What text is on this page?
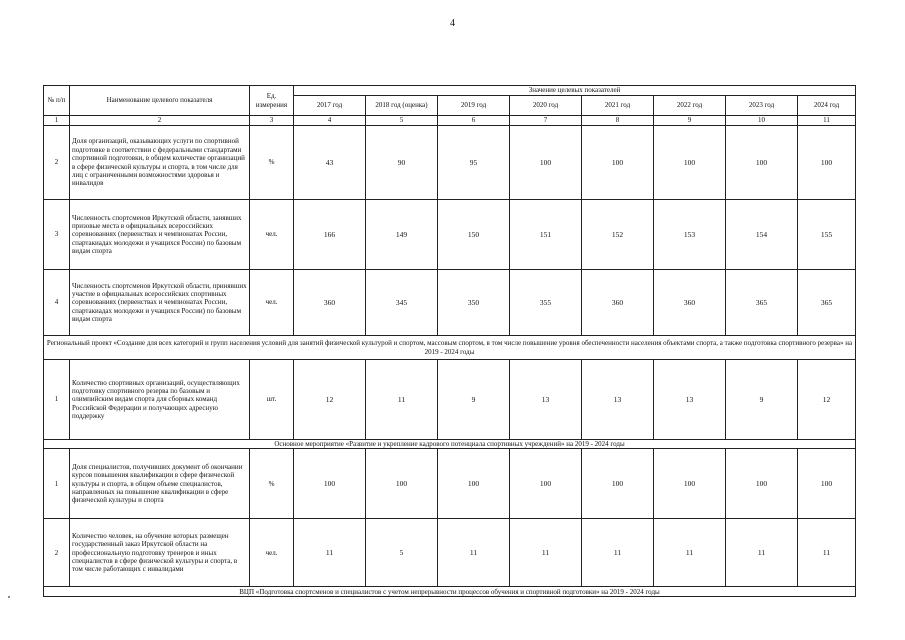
4
№ п/п	Наименование целевого показателя	Ед. измерения	Значение целевых показателей							
			2017 год	2018 год (оценка)	2019 год	2020 год	2021 год	2022 год	2023 год	2024 год
1	2	3	4	5	6	7	8	9	10	11
2	Доля организаций, оказывающих услуги по спортивной подготовке в соответствии с федеральными стандартами спортивной подготовки, в общем количестве организаций в сфере физической культуры и спорта, в том числе для лиц с ограниченными возможностями здоровья и инвалидов	%	43	90	95	100	100	100	100	100
3	Численность спортсменов Иркутской области, занявших призовые места в официальных всероссийских соревнованиях (первенствах и чемпионатах России, спартакиадах молодежи и учащихся России) по базовым видам спорта	чел.	166	149	150	151	152	153	154	155
4	Численность спортсменов Иркутской области, принявших участие в официальных всероссийских спортивных соревнованиях (первенствах и чемпионатах России, спартакиадах молодежи и учащихся России) по базовым видам спорта	чел.	360	345	350	355	360	360	365	365
Региональный проект «Создание для всех категорий и групп населения условий для занятий физической культурой и спортом, массовым спортом, в том числе повышение уровня обеспеченности населения объектами спорта, а также подготовка спортивного резерва» на 2019 - 2024 годы										
1	Количество спортивных организаций, осуществляющих подготовку спортивного резерва по базовым и олимпийским видам спорта для сборных команд Российской Федерации и получающих адресную поддержку	шт.	12	11	9	13	13	13	9	12
Основное мероприятие «Развитие и укрепление кадрового потенциала спортивных учреждений» на 2019 - 2024 годы										
1	Доля специалистов, получивших документ об окончании курсов повышения квалификации в сфере физической культуры и спорта, в общем объеме специалистов, направленных на повышение квалификации в сфере физической культуры и спорта	%	100	100	100	100	100	100	100	100
2	Количество человек, на обучение которых размещен государственный заказ Иркутской области на профессиональную подготовку тренеров и иных специалистов в сфере физической культуры и спорта, в том числе работающих с инвалидами	чел.	11	5	11	11	11	11	11	11
ВЦП «Подготовка спортсменов и специалистов с учетом непрерывности процессов обучения и спортивной подготовки» на 2019 - 2024 годы										
